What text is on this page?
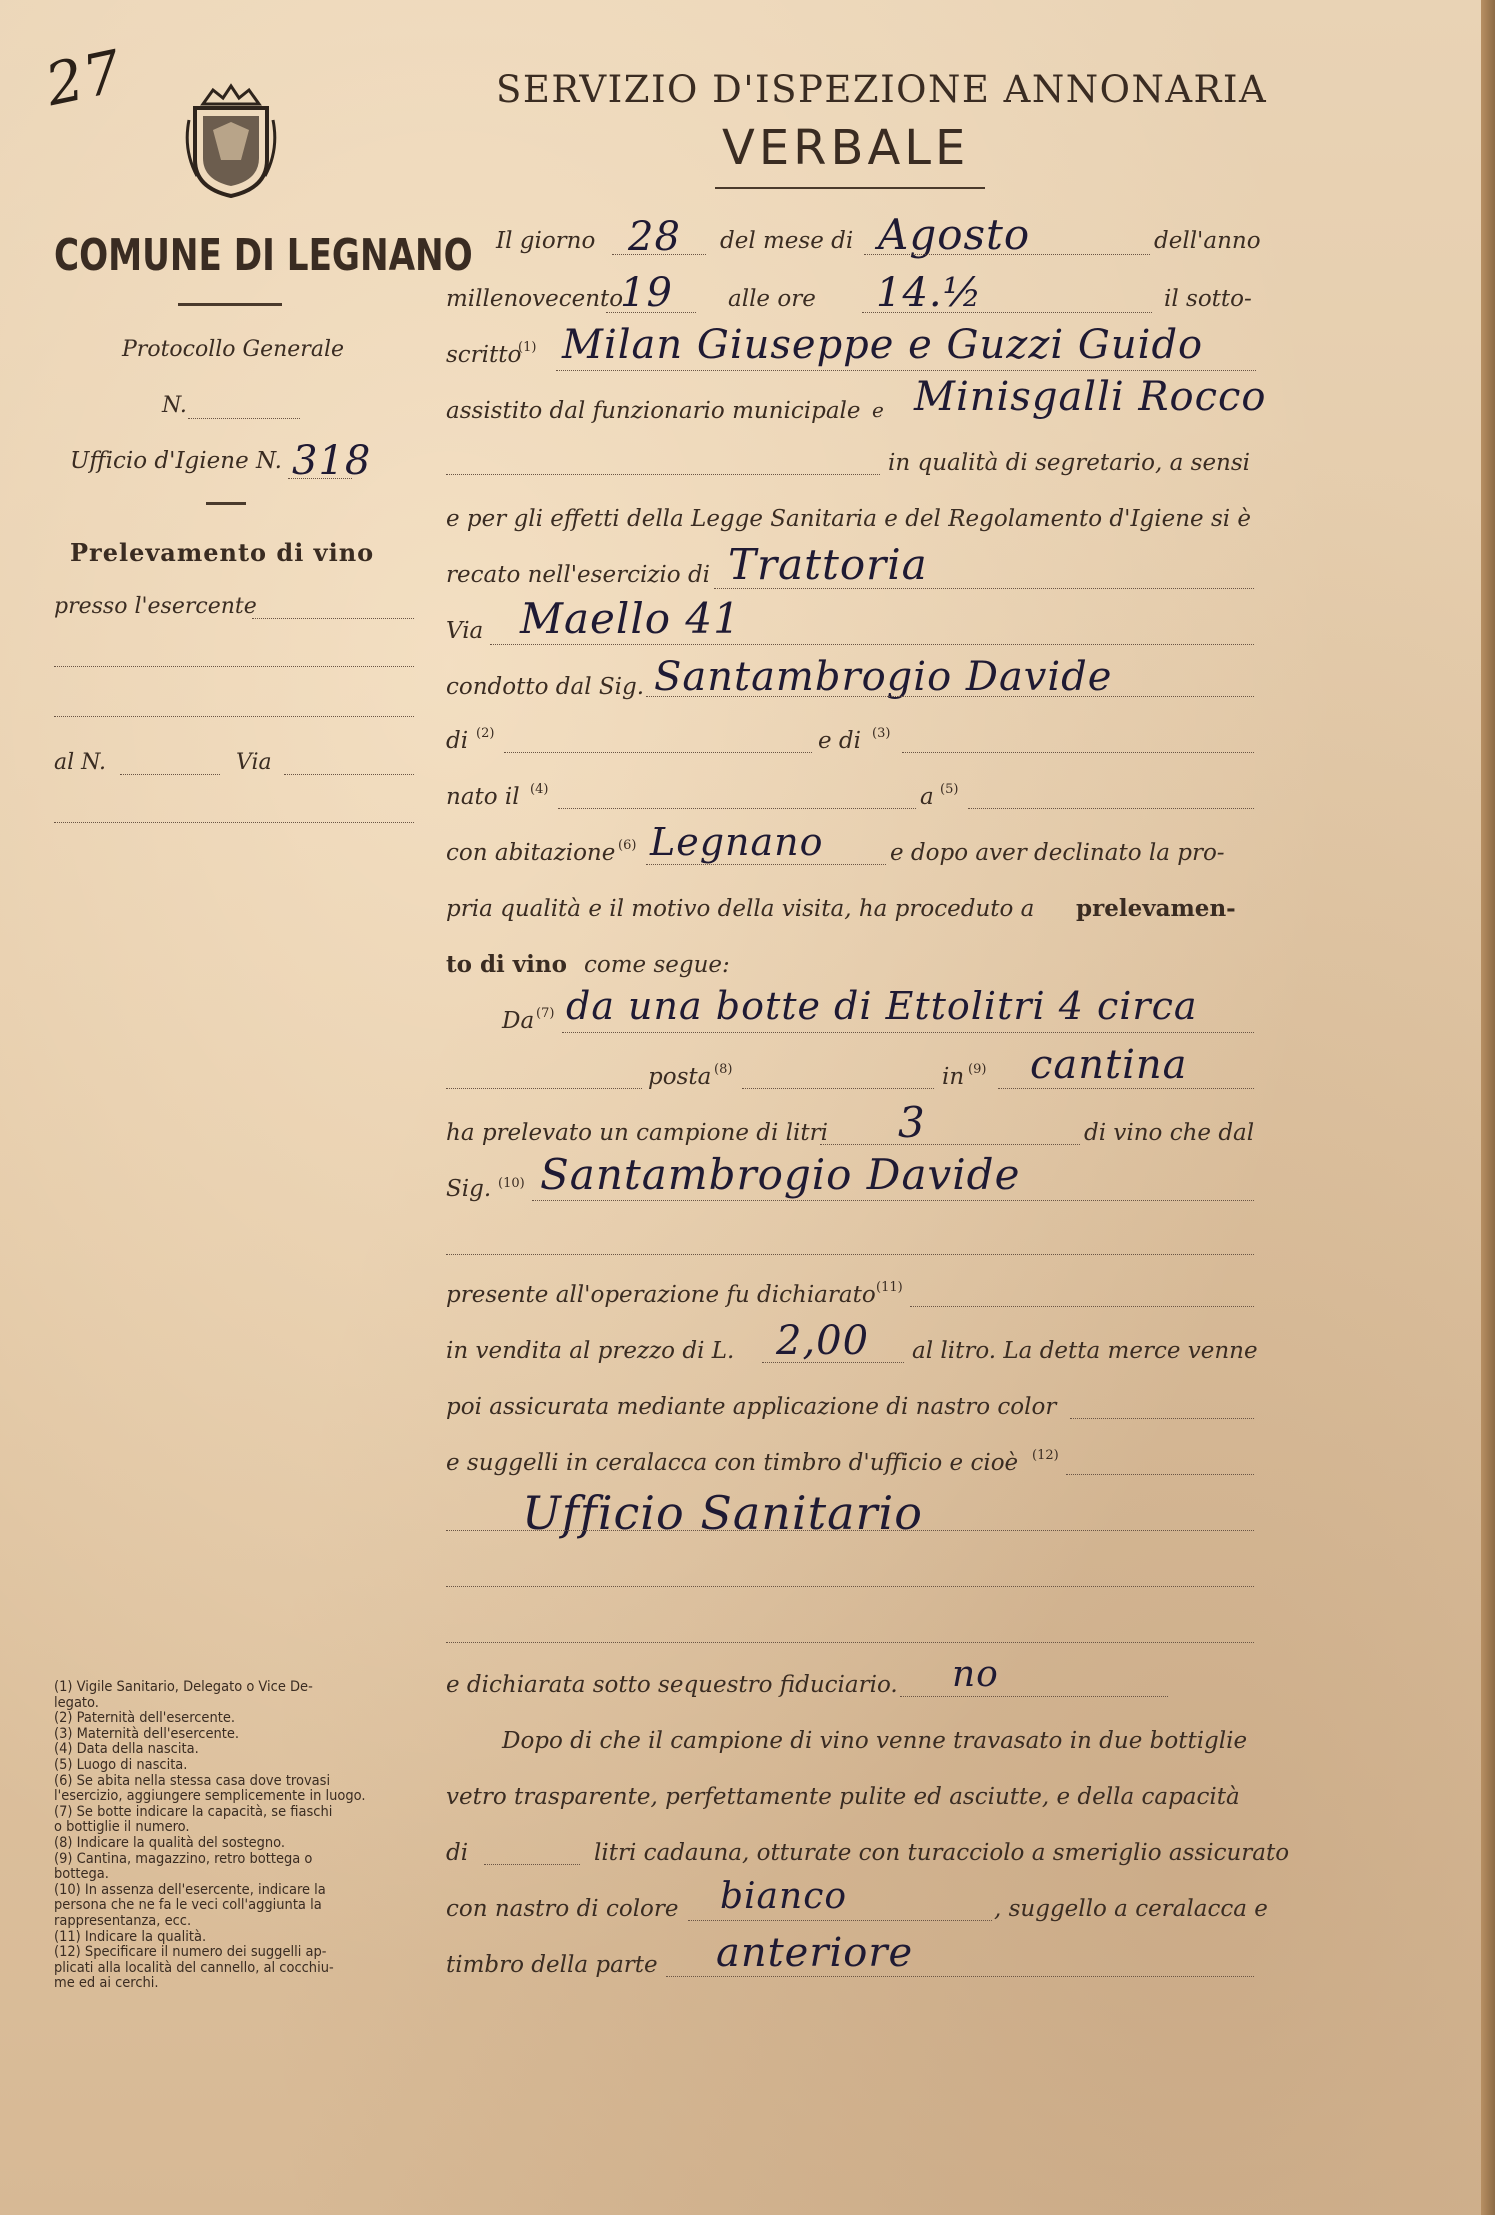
27	SERVIZIO D'ISPEZIONE ANNONARIA
VERBALE
COMUNE DI LEGNANO
Protocollo Generale
N.
Ufficio d'Igiene N. 318
Prelevamento di vino
presso l'esercente
al N.	Via
Il giorno 28 del mese di Agosto	dell'anno
millenovecento
19 alle ore 14.½	il sotto-
scritto
(1) Milan Giuseppe e Guzzi Guido
assistito dal funzionario municipale e Minisgalli Rocco
in qualità di segretario, a sensi
e per gli effetti della Legge Sanitaria e del Regolamento d'Igiene si è
recato nell'esercizio di Trattoria
Via Maello 41
condotto dal Sig. Santambrogio Davide
di (2)	e di (3)
nato il (4)	a (5)
con abitazione (6) Legnano	e dopo aver declinato la pro-
pria qualità e il motivo della visita, ha proceduto a prelevamen-
to di vino come segue:
Da (7) da una botte di Ettolitri 4 circa
posta (8)	in (9) cantina
ha prelevato un campione di litri 3	di vino che dal
Sig. (10) Santambrogio Davide
presente all'operazione fu dichiarato (11)
in vendita al prezzo di L. 2,00 al litro. La detta merce venne
poi assicurata mediante applicazione di nastro color
e suggelli in ceralacca con timbro d'ufficio e cioè (12)
Ufficio Sanitario
e dichiarata sotto sequestro fiduciario. no
Dopo di che il campione di vino venne travasato in due bottiglie
vetro trasparente, perfettamente pulite ed asciutte, e della capacità
di	litri cadauna, otturate con turacciolo a smeriglio assicurato
con nastro di colore bianco	, suggello a ceralacca e
timbro della parte anteriore
(1) Vigile Sanitario, Delegato o Vice De-
legato.
(2) Paternità dell'esercente.
(3) Maternità dell'esercente.
(4) Data della nascita.
(5) Luogo di nascita.
(6) Se abita nella stessa casa dove trovasi
l'esercizio, aggiungere semplicemente in luogo.
(7) Se botte indicare la capacità, se fiaschi
o bottiglie il numero.
(8) Indicare la qualità del sostegno.
(9) Cantina, magazzino, retro bottega o
bottega.
(10) In assenza dell'esercente, indicare la
persona che ne fa le veci coll'aggiunta la
rappresentanza, ecc.
(11) Indicare la qualità.
(12) Specificare il numero dei suggelli ap-
plicati alla località del cannello, al cocchiu-
me ed ai cerchi.
